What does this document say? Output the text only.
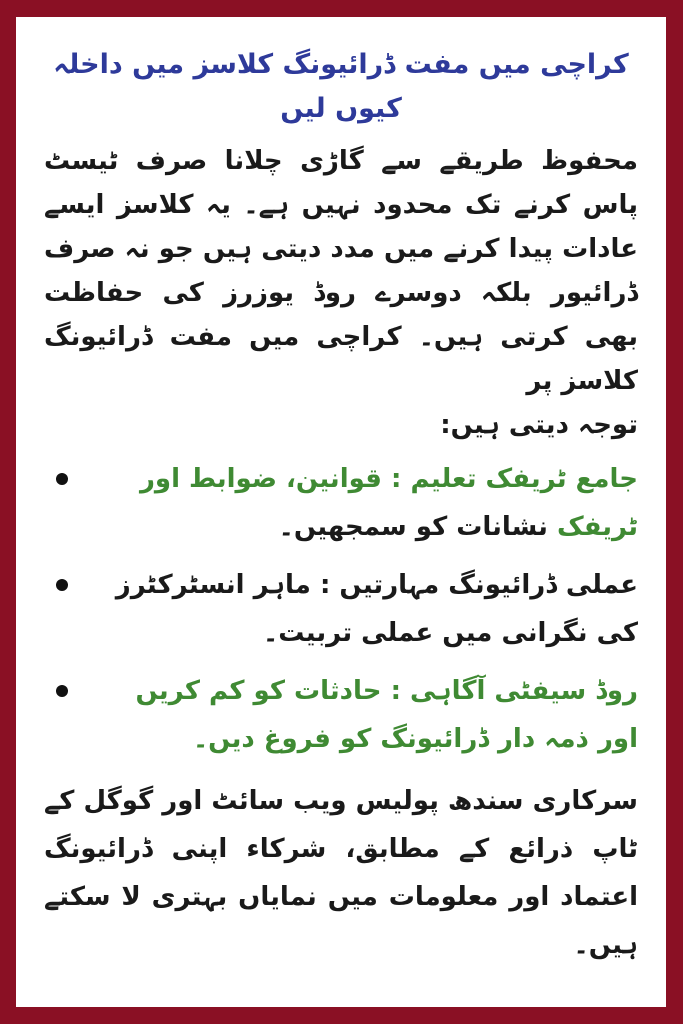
کراچی میں مفت ڈرائیونگ کلاسز میں داخلہ کیوں لیں

محفوظ طریقے سے گاڑی چلانا صرف ٹیسٹ پاس کرنے تک محدود نہیں ہے۔ یہ کلاسز ایسے عادات پیدا کرنے میں مدد دیتی ہیں جو نہ صرف ڈرائیور بلکہ دوسرے روڈ یوزرز کی حفاظت بھی کرتی ہیں۔ کراچی میں مفت ڈرائیونگ کلاسز پر
توجہ دیتی ہیں:

جامع ٹریفک تعلیم : قوانین، ضوابط اور ٹریفک نشانات کو سمجھیں۔
عملی ڈرائیونگ مہارتیں : ماہر انسٹرکٹرز کی نگرانی میں عملی تربیت۔
روڈ سیفٹی آگاہی : حادثات کو کم کریں اور ذمہ دار ڈرائیونگ کو فروغ دیں۔

سرکاری سندھ پولیس ویب سائٹ اور گوگل کے ٹاپ ذرائع کے مطابق، شرکاء اپنی ڈرائیونگ اعتماد اور معلومات میں نمایاں بہتری لا سکتے ہیں۔
